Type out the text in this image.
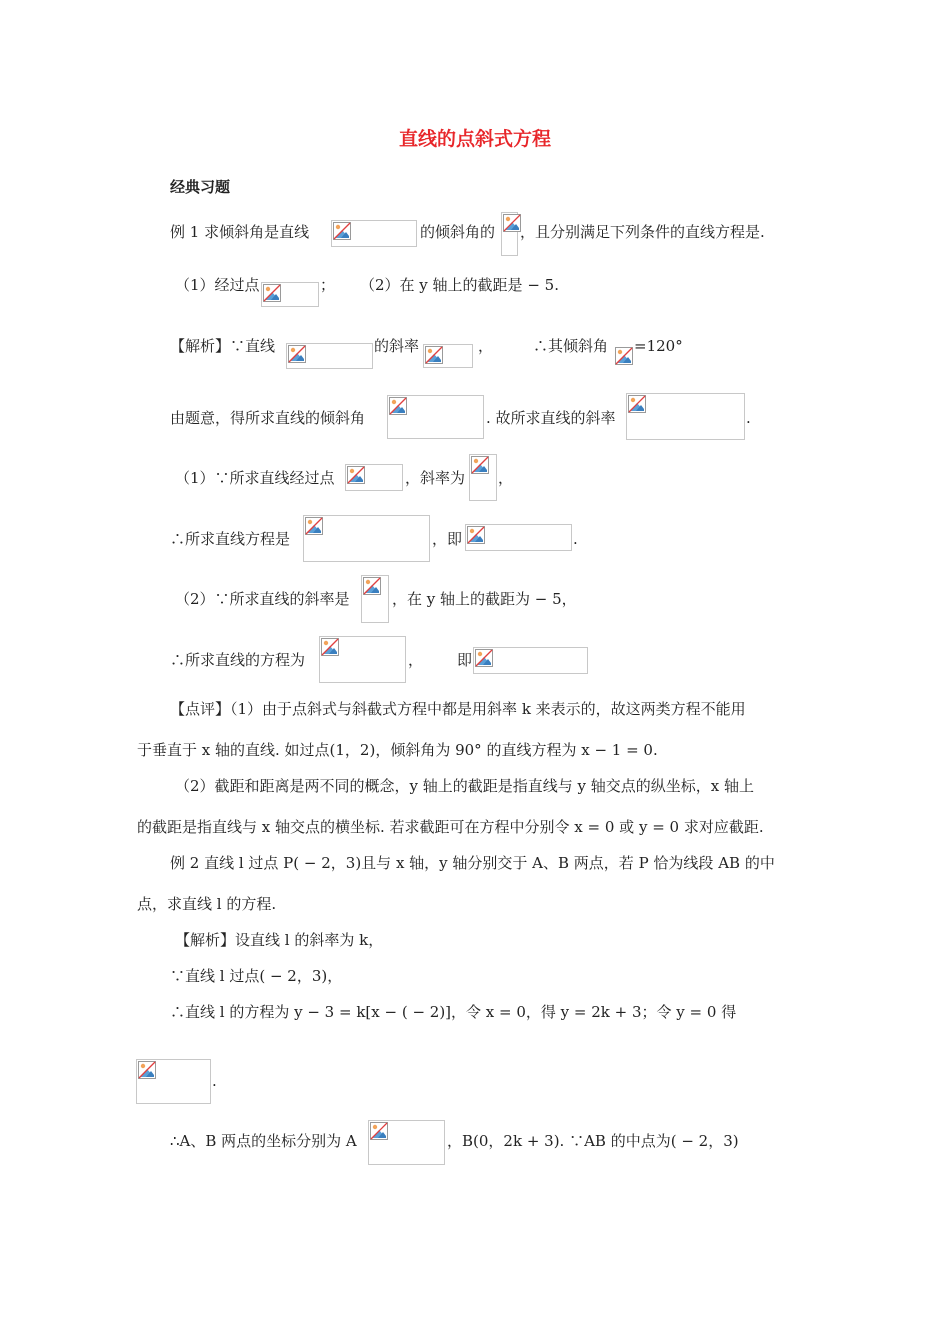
直线的点斜式方程
经典习题
例 1 求倾斜角是直线	的倾斜角的 ，且分别满足下列条件的直线方程是.
（1）经过点	； （2）在 y 轴上的截距是 − 5.
【解析】∵直线	的斜率	，	∴其倾斜角 =120°
由题意，得所求直线的倾斜角	. 故所求直线的斜率	.
（1）∵所求直线经过点	，斜率为 ，
∴所求直线方程是	，即	.
（2）∵所求直线的斜率是	，在 y 轴上的截距为 − 5，
∴所求直线的方程为	， 即
【点评】（1）由于点斜式与斜截式方程中都是用斜率 k 来表示的，故这两类方程不能用
于垂直于 x 轴的直线. 如过点(1，2)，倾斜角为 90° 的直线方程为 x − 1 = 0.
（2）截距和距离是两不同的概念，y 轴上的截距是指直线与 y 轴交点的纵坐标，x 轴上
的截距是指直线与 x 轴交点的横坐标. 若求截距可在方程中分别令 x = 0 或 y = 0 求对应截距.
例 2 直线 l 过点 P( − 2，3)且与 x 轴，y 轴分别交于 A、B 两点，若 P 恰为线段 AB 的中
点，求直线 l 的方程.
【解析】设直线 l 的斜率为 k，
∵直线 l 过点( − 2，3)，
∴直线 l 的方程为 y − 3 = k[x − ( − 2)]，令 x = 0，得 y = 2k + 3；令 y = 0 得
.
∴A、B 两点的坐标分别为 A	，B(0，2k + 3). ∵AB 的中点为( − 2，3)
